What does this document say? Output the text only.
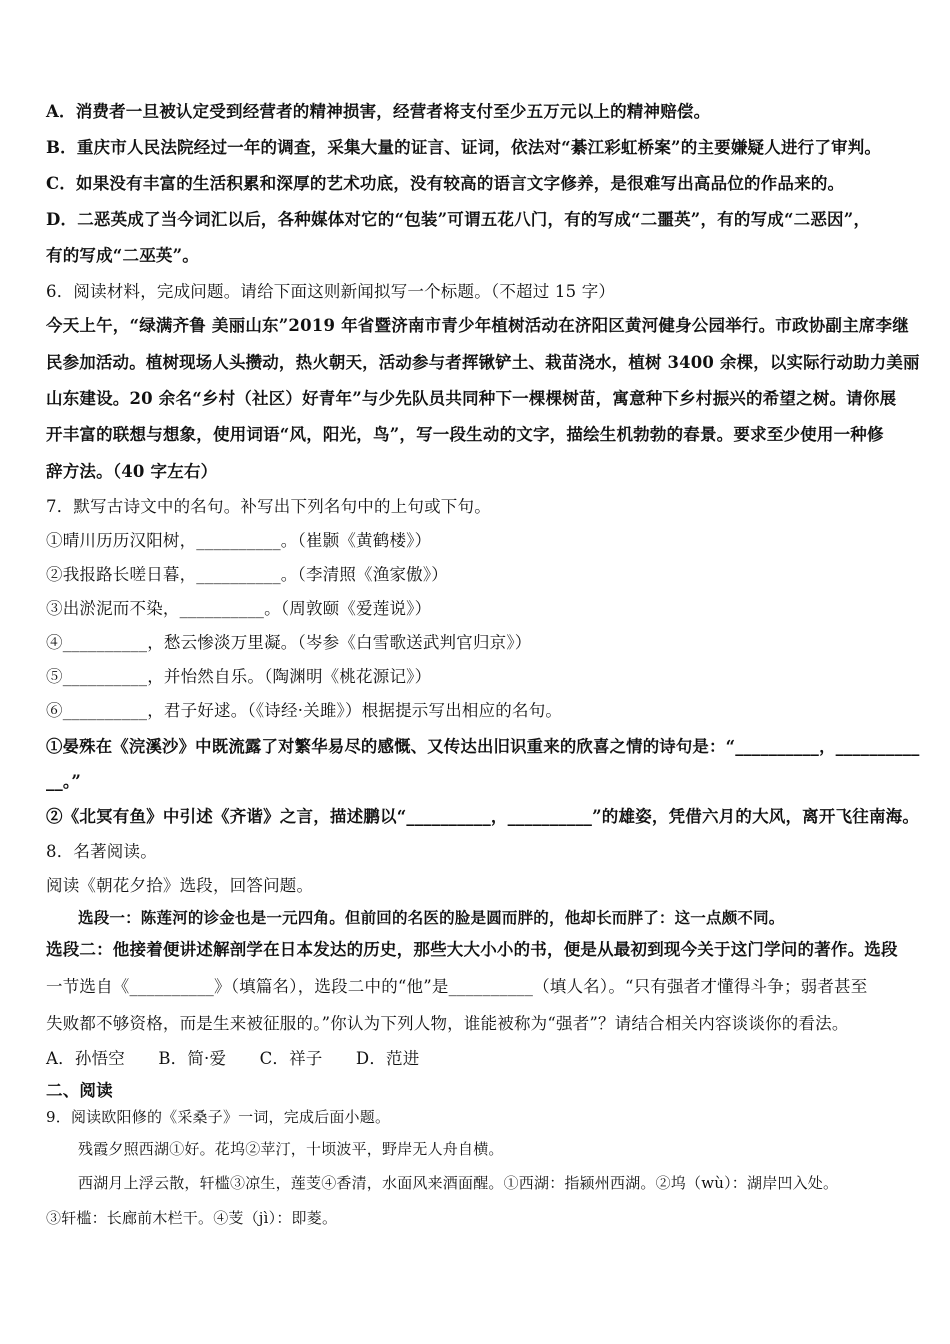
A．消费者一旦被认定受到经营者的精神损害，经营者将支付至少五万元以上的精神赔偿。
B．重庆市人民法院经过一年的调查，采集大量的证言、证词，依法对“綦江彩虹桥案”的主要嫌疑人进行了审判。
C．如果没有丰富的生活积累和深厚的艺术功底，没有较高的语言文字修养，是很难写出高品位的作品来的。
D．二恶英成了当今词汇以后，各种媒体对它的“包装”可谓五花八门，有的写成“二噩英”，有的写成“二恶因”，
有的写成“二巫英”。
6．阅读材料，完成问题。请给下面这则新闻拟写一个标题。（不超过 15 字）
今天上午，“绿满齐鲁 美丽山东”2019 年省暨济南市青少年植树活动在济阳区黄河健身公园举行。市政协副主席李继
民参加活动。植树现场人头攒动，热火朝天，活动参与者挥锹铲土、栽苗浇水，植树 3400 余棵，以实际行动助力美丽
山东建设。20 余名“乡村（社区）好青年”与少先队员共同种下一棵棵树苗，寓意种下乡村振兴的希望之树。请你展
开丰富的联想与想象，使用词语“风，阳光，鸟”，写一段生动的文字，描绘生机勃勃的春景。要求至少使用一种修
辞方法。（40 字左右）
7．默写古诗文中的名句。补写出下列名句中的上句或下句。
①晴川历历汉阳树，__________。（崔颢《黄鹤楼》）
②我报路长嗟日暮，__________。（李清照《渔家傲》）
③出淤泥而不染，__________。（周敦颐《爱莲说》）
④__________，愁云惨淡万里凝。（岑参《白雪歌送武判官归京》）
⑤__________，并怡然自乐。（陶渊明《桃花源记》）
⑥__________，君子好逑。（《诗经·关雎》）根据提示写出相应的名句。
①晏殊在《浣溪沙》中既流露了对繁华易尽的感慨、又传达出旧识重来的欣喜之情的诗句是：“__________，__________
__。”
②《北冥有鱼》中引述《齐谐》之言，描述鹏以“__________，__________”的雄姿，凭借六月的大风，离开飞往南海。
8．名著阅读。
阅读《朝花夕拾》选段，回答问题。
选段一：陈莲河的诊金也是一元四角。但前回的名医的脸是圆而胖的，他却长而胖了：这一点颇不同。
选段二：他接着便讲述解剖学在日本发达的历史，那些大大小小的书，便是从最初到现今关于这门学问的著作。选段
一节选自《__________》（填篇名），选段二中的“他”是__________（填人名）。“只有强者才懂得斗争；弱者甚至
失败都不够资格，而是生来被征服的。”你认为下列人物，谁能被称为“强者”？请结合相关内容谈谈你的看法。
A．孙悟空　　B．简·爱　　C．祥子　　D．范进
二、阅读
9．阅读欧阳修的《采桑子》一词，完成后面小题。
残霞夕照西湖①好。花坞②苹汀，十顷波平，野岸无人舟自横。
西湖月上浮云散，轩槛③凉生，莲芰④香清，水面风来酒面醒。①西湖：指颍州西湖。②坞（wù）：湖岸凹入处。
③轩槛：长廊前木栏干。④芰（jì）：即菱。
